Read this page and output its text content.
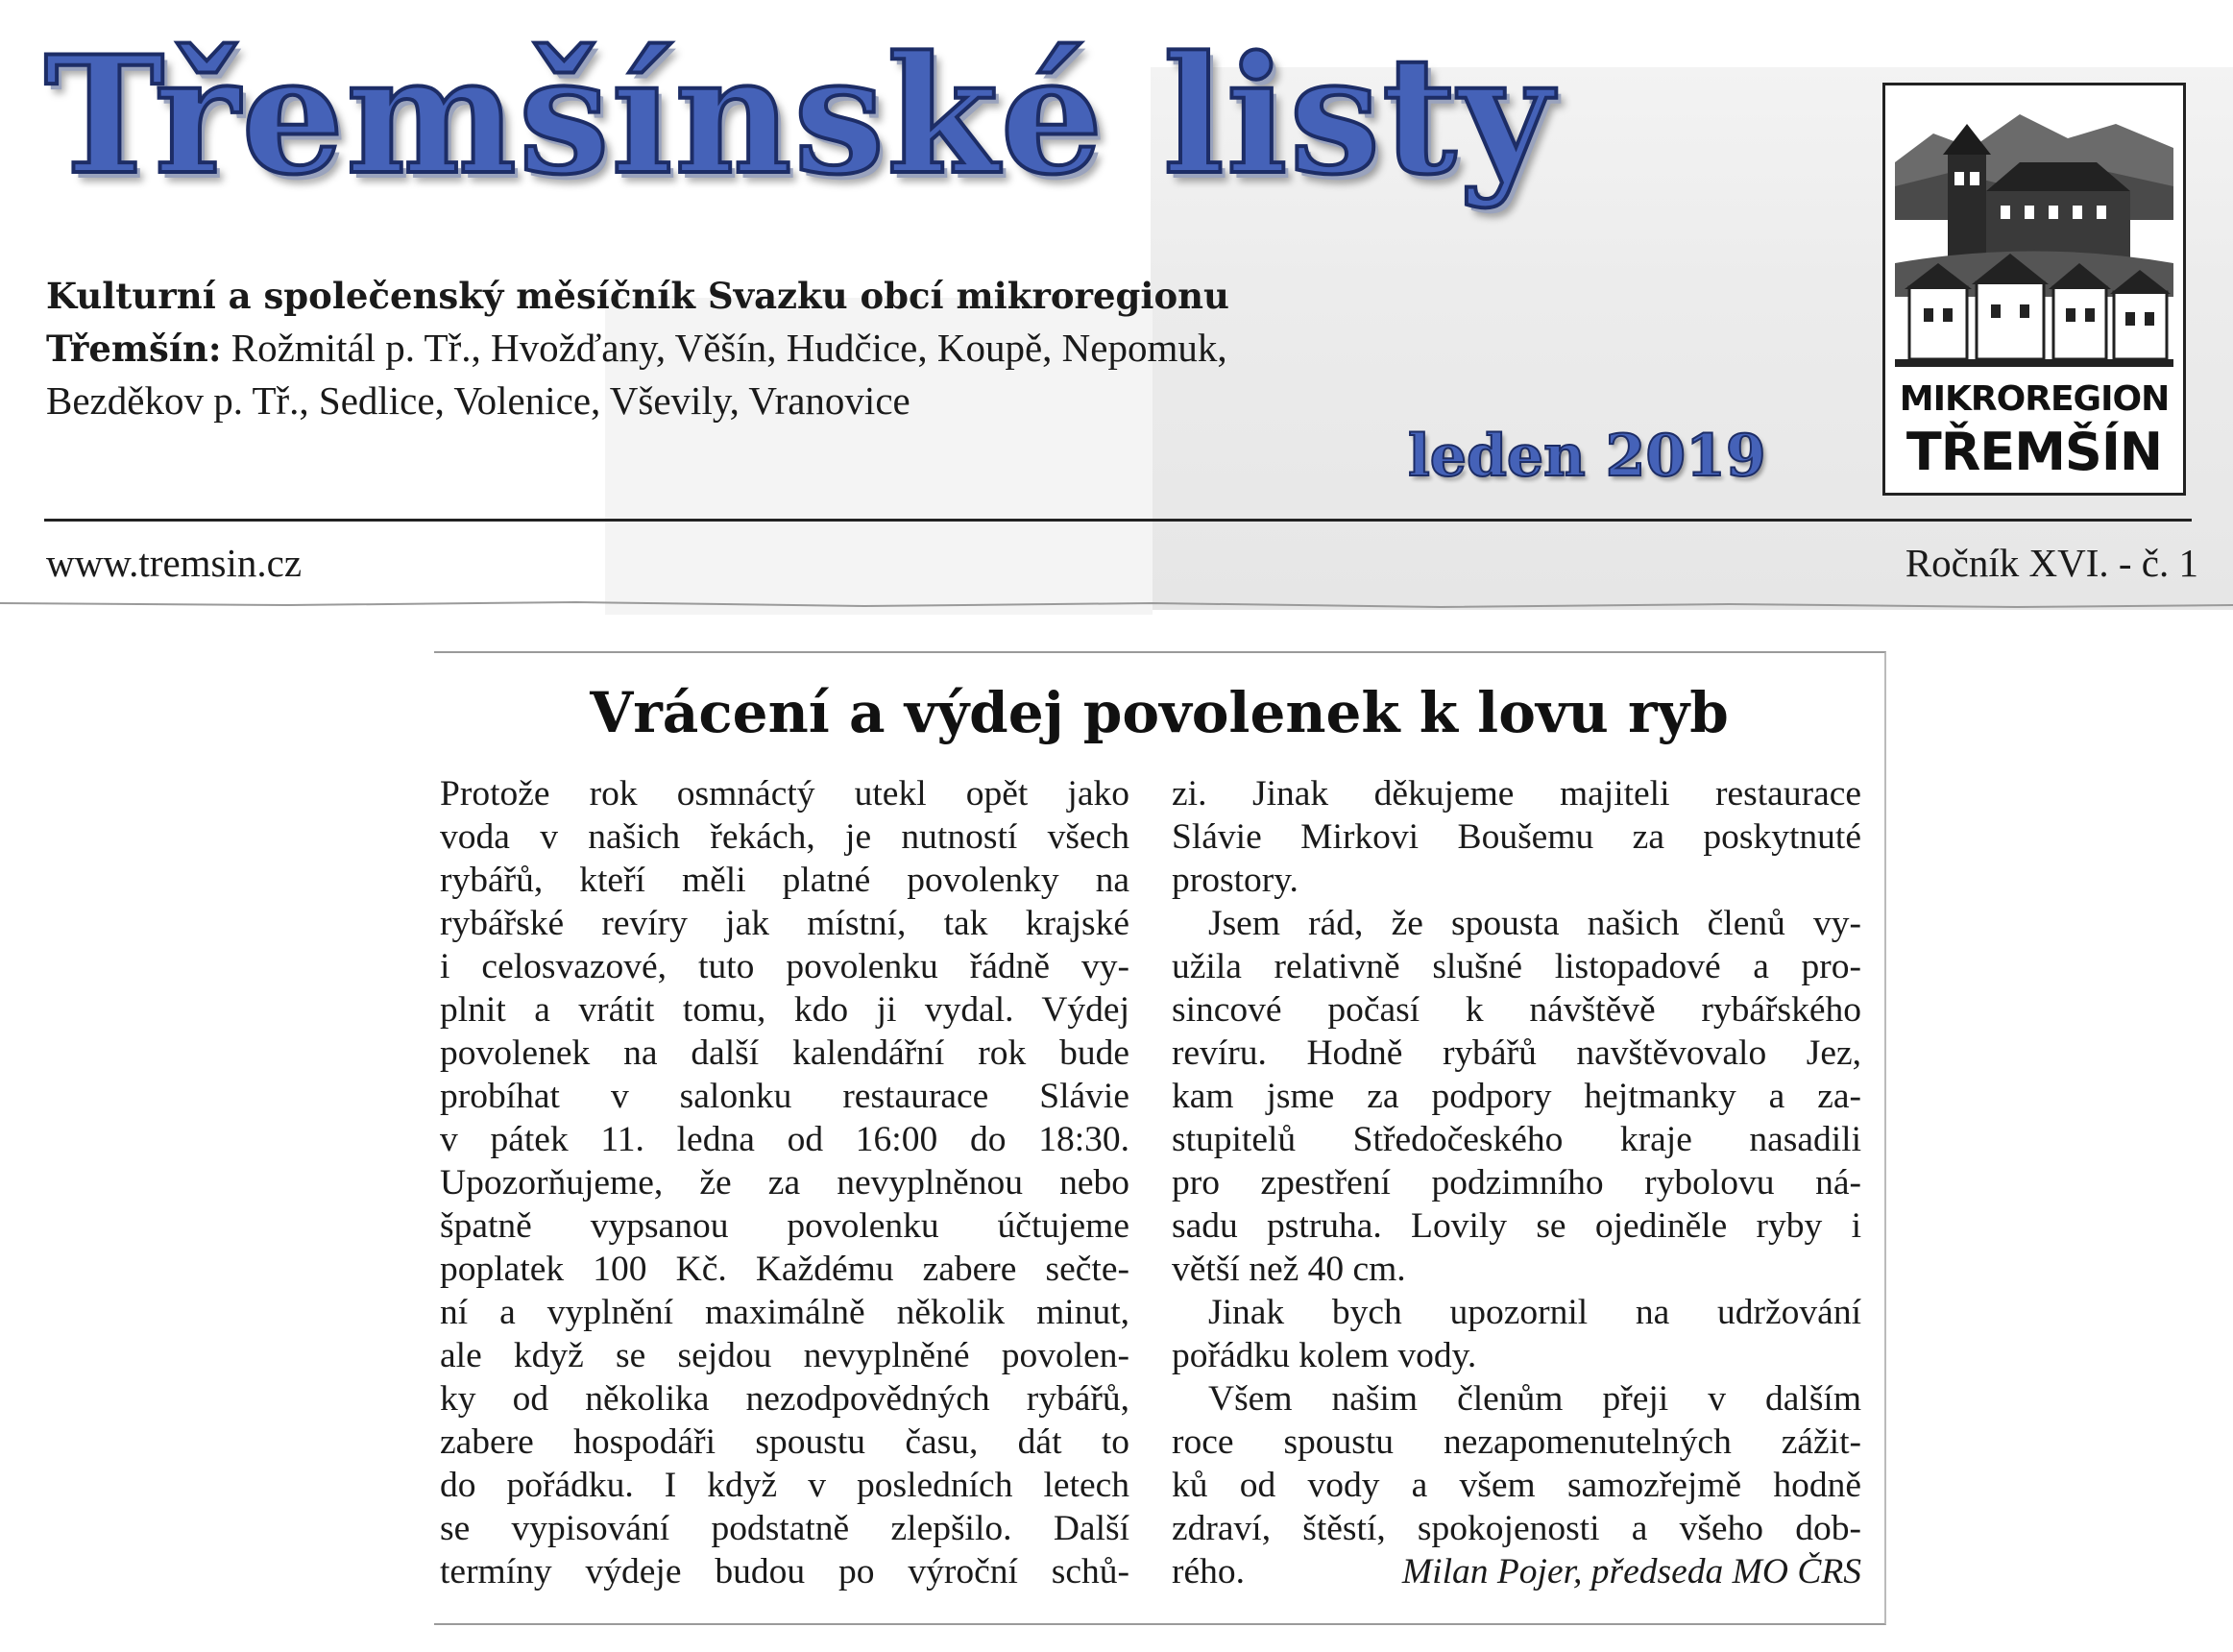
Třemšínské listy
Kulturní a společenský měsíčník Svazku obcí mikroregionu Třemšín: Rožmitál p. Tř., Hvožďany, Věšín, Hudčice, Koupě, Nepomuk, Bezděkov p. Tř., Sedlice, Volenice, Vševily, Vranovice
leden 2019
MIKROREGION
TŘEMŠÍN
www.tremsin.cz	Ročník XVI. - č. 1
Vrácení a výdej povolenek k lovu ryb
Protože rok osmnáctý utekl opět jako
voda v našich řekách, je nutností všech
rybářů, kteří měli platné povolenky na
rybářské revíry jak místní, tak krajské
i celosvazové, tuto povolenku řádně vy-
plnit a vrátit tomu, kdo ji vydal. Výdej
povolenek na další kalendářní rok bude
probíhat v salonku restaurace Slávie
v pátek 11. ledna od 16:00 do 18:30.
Upozorňujeme, že za nevyplněnou nebo
špatně vypsanou povolenku účtujeme
poplatek 100 Kč. Každému zabere sečte-
ní a vyplnění maximálně několik minut,
ale když se sejdou nevyplněné povolen-
ky od několika nezodpovědných rybářů,
zabere hospodáři spoustu času, dát to
do pořádku. I když v posledních letech
se vypisování podstatně zlepšilo. Další
termíny výdeje budou po výroční schů-
zi. Jinak děkujeme majiteli restaurace
Slávie Mirkovi Boušemu za poskytnuté
prostory.
Jsem rád, že spousta našich členů vy-
užila relativně slušné listopadové a pro-
sincové počasí k návštěvě rybářského
revíru. Hodně rybářů navštěvovalo Jez,
kam jsme za podpory hejtmanky a za-
stupitelů Středočeského kraje nasadili
pro zpestření podzimního rybolovu ná-
sadu pstruha. Lovily se ojediněle ryby i
větší než 40 cm.
Jinak bych upozornil na udržování
pořádku kolem vody.
Všem našim členům přeji v dalším
roce spoustu nezapomenutelných zážit-
ků od vody a všem samozřejmě hodně
zdraví, štěstí, spokojenosti a všeho dob-
rého.	Milan Pojer, předseda MO ČRS
